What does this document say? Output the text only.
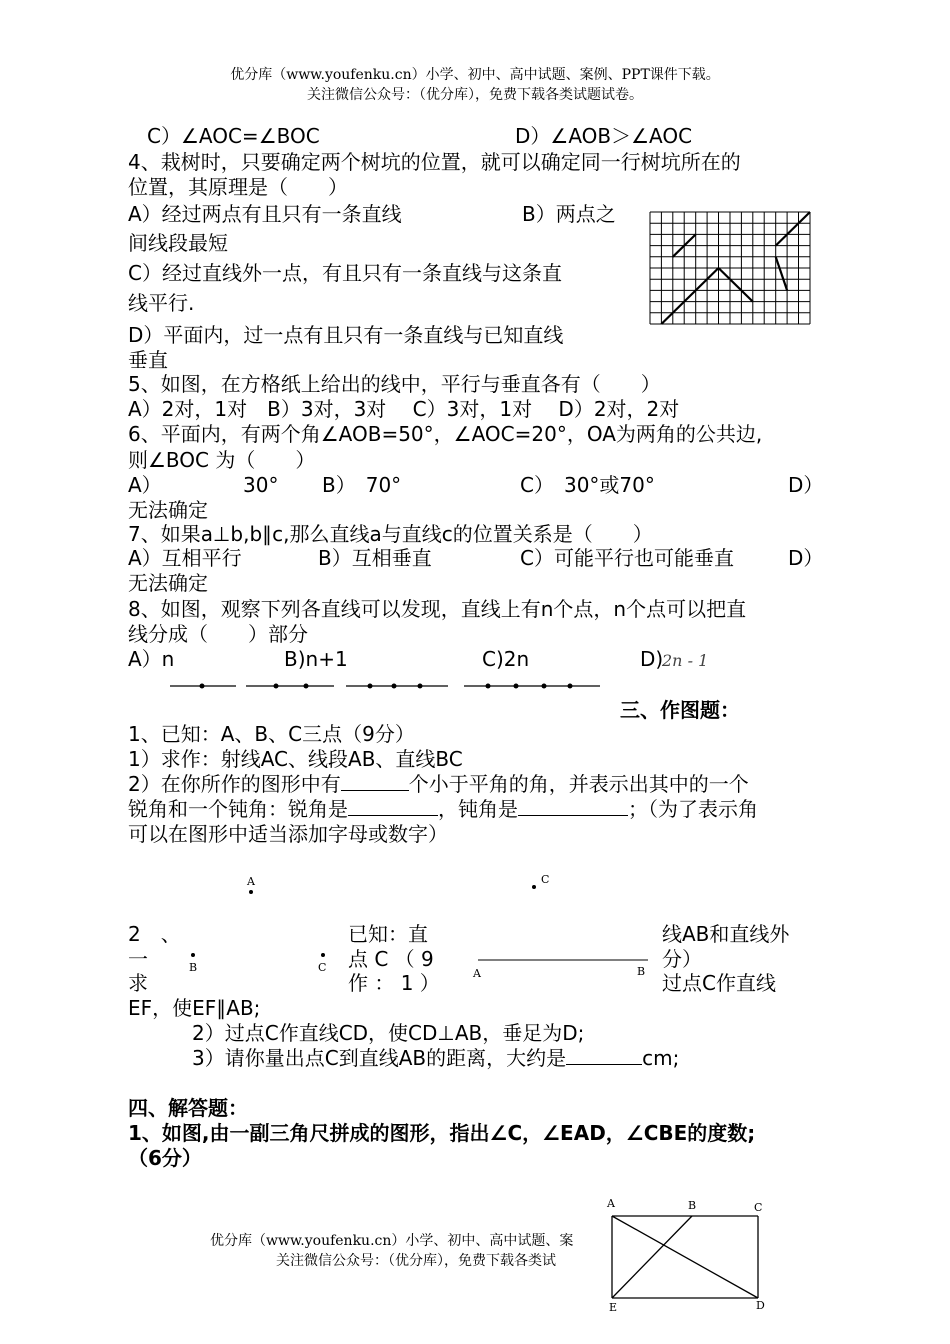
优分库（www.youfenku.cn）小学、初中、高中试题、案例、PPT课件下载。
关注微信公众号：（优分库），免费下载各类试题试卷。
C）∠AOC=∠BOC	D）∠AOB＞∠AOC
4、栽树时，只要确定两个树坑的位置，就可以确定同一行树坑所在的
位置，其原理是（　　）
A）经过两点有且只有一条直线	B）两点之
间线段最短
C）经过直线外一点，有且只有一条直线与这条直
线平行.
D）平面内，过一点有且只有一条直线与已知直线
垂直
5、如图，在方格纸上给出的线中，平行与垂直各有（　　）
A）2对，1对　B）3对，3对　 C）3对，1对　 D）2对，2对
6、平面内，有两个角∠AOB=50°，∠AOC=20°，OA为两角的公共边,
则∠BOC 为（　　）
A）	30° B）　70°	C）　30°或70°	D）
无法确定
7、如果a⊥b,b∥c,那么直线a与直线c的位置关系是（　　）
A）互相平行	B）互相垂直	C）可能平行也可能垂直	D）
无法确定
8、如图，观察下列各直线可以发现，直线上有n个点，n个点可以把直
线分成（　　）部分
A）n	B)n+1	C)2n	D)
2n - 1
三、作图题：
1、已知：A、B、C三点（9分）
1）求作：射线AC、线段AB、直线BC
2）在你所作的图形中有	个小于平角的角，并表示出其中的一个
锐角和一个钝角：锐角是	，钝角是	；（为了表示角
可以在图形中适当添加字母或数字）
A	C
2　、	已知：直	线AB和直线外
一	B	C 点 C （ 9	分）
求	作 ： 1 ）	A	B 过点C作直线
EF，使EF∥AB;
2）过点C作直线CD，使CD⊥AB，垂足为D;
3）请你量出点C到直线AB的距离，大约是	cm;
四、解答题：
1、如图,由一副三角尺拼成的图形，指出∠C，∠EAD，∠CBE的度数;
（6分）
A	B	C
D
E
优分库（www.youfenku.cn）小学、初中、高中试题、案
关注微信公众号：（优分库），免费下载各类试
